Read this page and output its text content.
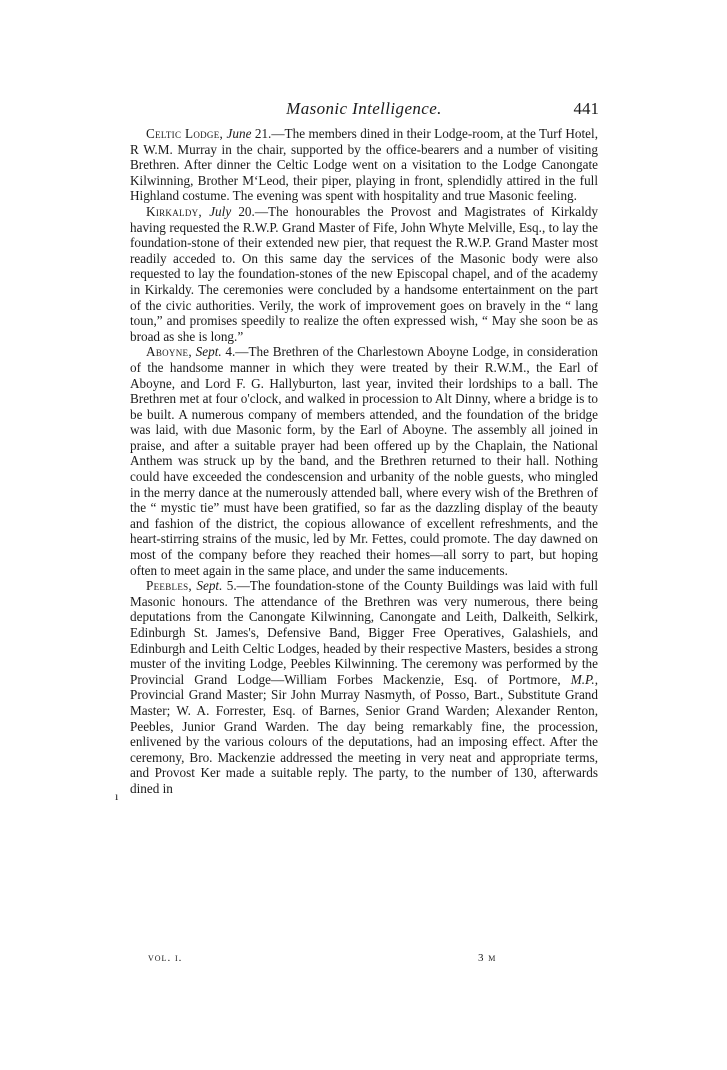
Masonic Intelligence.	441

Celtic Lodge, June 21.—The members dined in their Lodge-room, at the Turf Hotel, R W.M. Murray in the chair, supported by the office-bearers and a number of visiting Brethren. After dinner the Celtic Lodge went on a visitation to the Lodge Canongate Kilwinning, Brother M‘Leod, their piper, playing in front, splendidly attired in the full Highland costume. The evening was spent with hospitality and true Masonic feeling.

Kirkaldy, July 20.—The honourables the Provost and Magistrates of Kirkaldy having requested the R.W.P. Grand Master of Fife, John Whyte Melville, Esq., to lay the foundation-stone of their extended new pier, that request the R.W.P. Grand Master most readily acceded to. On this same day the services of the Masonic body were also requested to lay the foundation-stones of the new Episcopal chapel, and of the academy in Kirkaldy. The ceremonies were concluded by a handsome entertainment on the part of the civic authorities. Verily, the work of improvement goes on bravely in the “ lang toun,” and promises speedily to realize the often expressed wish, “ May she soon be as broad as she is long.”

Aboyne, Sept. 4.—The Brethren of the Charlestown Aboyne Lodge, in consideration of the handsome manner in which they were treated by their R.W.M., the Earl of Aboyne, and Lord F. G. Hallyburton, last year, invited their lordships to a ball. The Brethren met at four o'clock, and walked in procession to Alt Dinny, where a bridge is to be built. A numerous company of members attended, and the foundation of the bridge was laid, with due Masonic form, by the Earl of Aboyne. The assembly all joined in praise, and after a suitable prayer had been offered up by the Chaplain, the National Anthem was struck up by the band, and the Brethren returned to their hall. Nothing could have exceeded the condescension and urbanity of the noble guests, who mingled in the merry dance at the numerously attended ball, where every wish of the Brethren of the “ mystic tie” must have been gratified, so far as the dazzling display of the beauty and fashion of the district, the copious allowance of excellent refreshments, and the heart-stirring strains of the music, led by Mr. Fettes, could promote. The day dawned on most of the company before they reached their homes—all sorry to part, but hoping often to meet again in the same place, and under the same inducements.

Peebles, Sept. 5.—The foundation-stone of the County Buildings was laid with full Masonic honours. The attendance of the Brethren was very numerous, there being deputations from the Canongate Kilwinning, Canongate and Leith, Dalkeith, Selkirk, Edinburgh St. James's, Defensive Band, Bigger Free Operatives, Galashiels, and Edinburgh and Leith Celtic Lodges, headed by their respective Masters, besides a strong muster of the inviting Lodge, Peebles Kilwinning. The ceremony was performed by the Provincial Grand Lodge—William Forbes Mackenzie, Esq. of Portmore, M.P., Provincial Grand Master; Sir John Murray Nasmyth, of Posso, Bart., Substitute Grand Master; W. A. Forrester, Esq. of Barnes, Senior Grand Warden; Alexander Renton, Peebles, Junior Grand Warden. The day being remarkably fine, the procession, enlivened by the various colours of the deputations, had an imposing effect. After the ceremony, Bro. Mackenzie addressed the meeting in very neat and appropriate terms, and Provost Ker made a suitable reply. The party, to the number of 130, afterwards dined in

ı
vol. i.	3 m
